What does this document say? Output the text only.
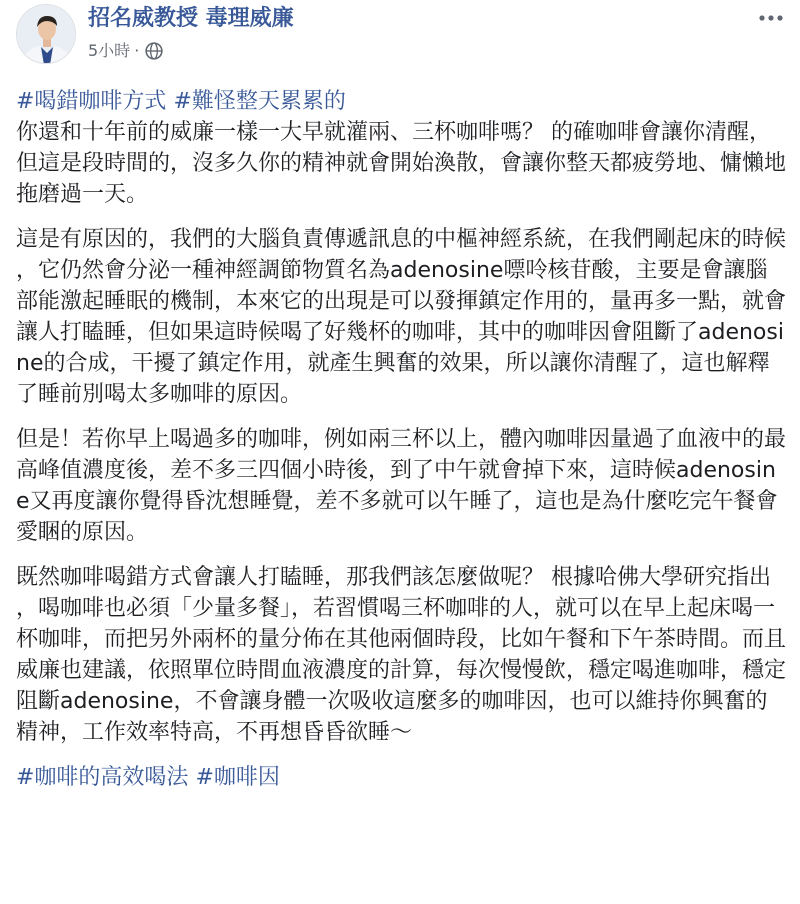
招名威教授 毒理威廉
5小時 ·
#喝錯咖啡方式 #難怪整天累累的

你還和十年前的威廉一樣一大早就灌兩、三杯咖啡嗎？ 的確咖啡會讓你清醒，但這是段時間的，沒多久你的精神就會開始渙散，會讓你整天都疲勞地、慵懶地拖磨過一天。

這是有原因的，我們的大腦負責傳遞訊息的中樞神經系統，在我們剛起床的時候，它仍然會分泌一種神經調節物質名為adenosine嘌呤核苷酸，主要是會讓腦部能激起睡眠的機制，本來它的出現是可以發揮鎮定作用的，量再多一點，就會讓人打瞌睡，但如果這時候喝了好幾杯的咖啡，其中的咖啡因會阻斷了adenosine的合成，干擾了鎮定作用，就產生興奮的效果，所以讓你清醒了，這也解釋了睡前別喝太多咖啡的原因。

但是！若你早上喝過多的咖啡，例如兩三杯以上，體內咖啡因量過了血液中的最高峰值濃度後，差不多三四個小時後，到了中午就會掉下來，這時候adenosine又再度讓你覺得昏沈想睡覺，差不多就可以午睡了，這也是為什麼吃完午餐會愛睏的原因。

既然咖啡喝錯方式會讓人打瞌睡，那我們該怎麼做呢？ 根據哈佛大學研究指出，喝咖啡也必須「少量多餐」，若習慣喝三杯咖啡的人，就可以在早上起床喝一杯咖啡，而把另外兩杯的量分佈在其他兩個時段，比如午餐和下午茶時間。而且威廉也建議，依照單位時間血液濃度的計算，每次慢慢飲，穩定喝進咖啡，穩定阻斷adenosine，不會讓身體一次吸收這麼多的咖啡因，也可以維持你興奮的精神，工作效率特高，不再想昏昏欲睡～

#咖啡的高效喝法 #咖啡因
